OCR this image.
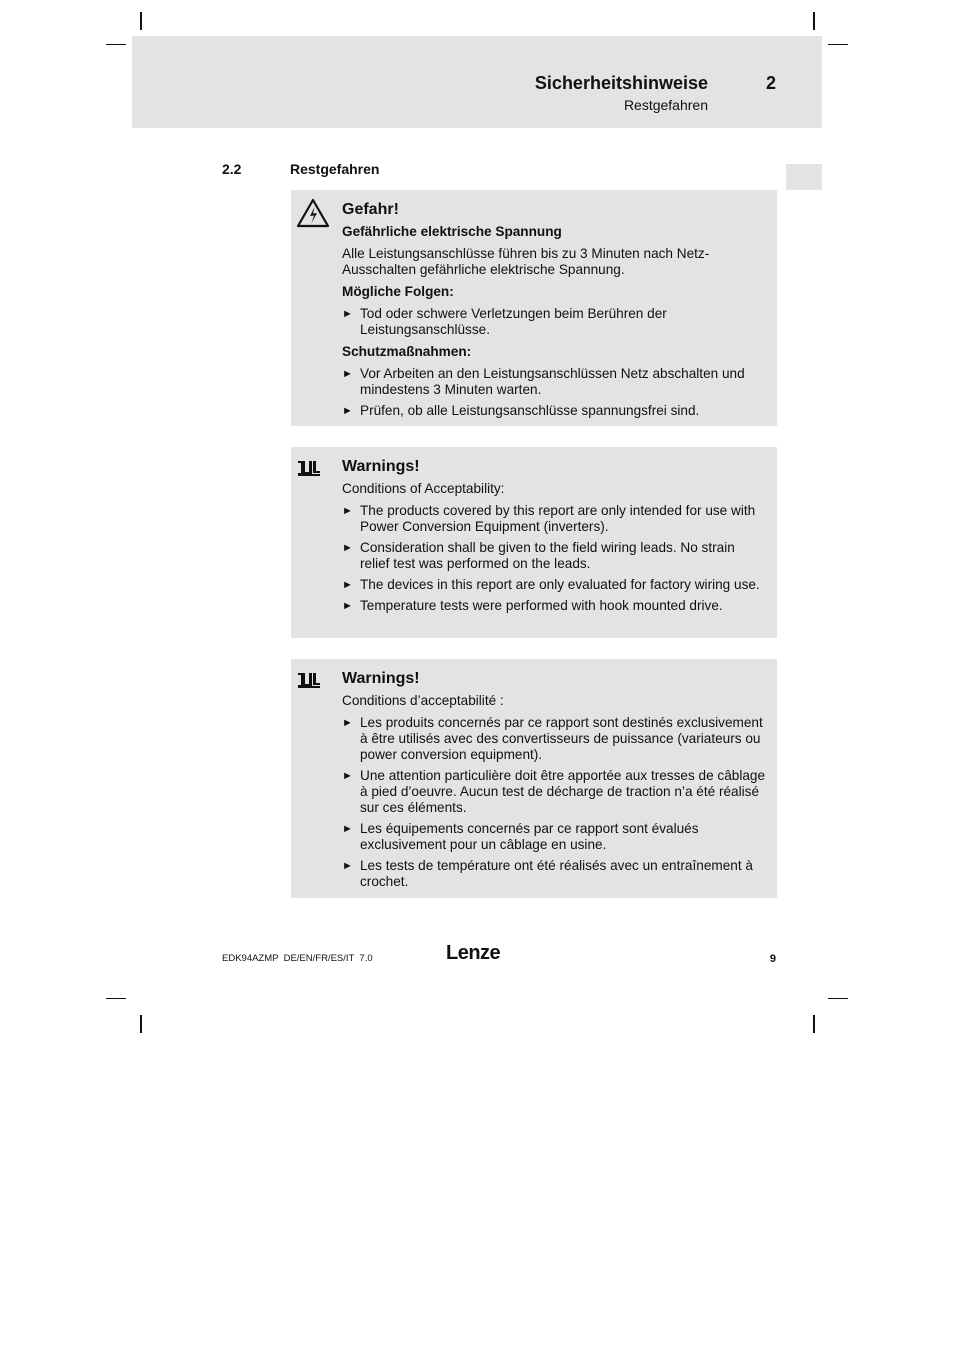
Sicherheitshinweise	2
Restgefahren
2.2	Restgefahren
Gefahr!
Gefährliche elektrische Spannung
Alle Leistungsanschlüsse führen bis zu 3 Minuten nach Netz-Ausschalten gefährliche elektrische Spannung.
Mögliche Folgen:
► Tod oder schwere Verletzungen beim Berühren der Leistungsanschlüsse.
Schutzmaßnahmen:
► Vor Arbeiten an den Leistungsanschlüssen Netz abschalten und mindestens 3 Minuten warten.
► Prüfen, ob alle Leistungsanschlüsse spannungsfrei sind.
Warnings!
Conditions of Acceptability:
► The products covered by this report are only intended for use with Power Conversion Equipment (inverters).
► Consideration shall be given to the field wiring leads. No strain relief test was performed on the leads.
► The devices in this report are only evaluated for factory wiring use.
► Temperature tests were performed with hook mounted drive.
Warnings!
Conditions d’acceptabilité :
► Les produits concernés par ce rapport sont destinés exclusivement à être utilisés avec des convertisseurs de puissance (variateurs ou power conversion equipment).
► Une attention particulière doit être apportée aux tresses de câblage à pied d’oeuvre. Aucun test de décharge de traction n’a été réalisé sur ces éléments.
► Les équipements concernés par ce rapport sont évalués exclusivement pour un câblage en usine.
► Les tests de température ont été réalisés avec un entraînement à crochet.
EDK94AZMP  DE/EN/FR/ES/IT  7.0	Lenze	9
